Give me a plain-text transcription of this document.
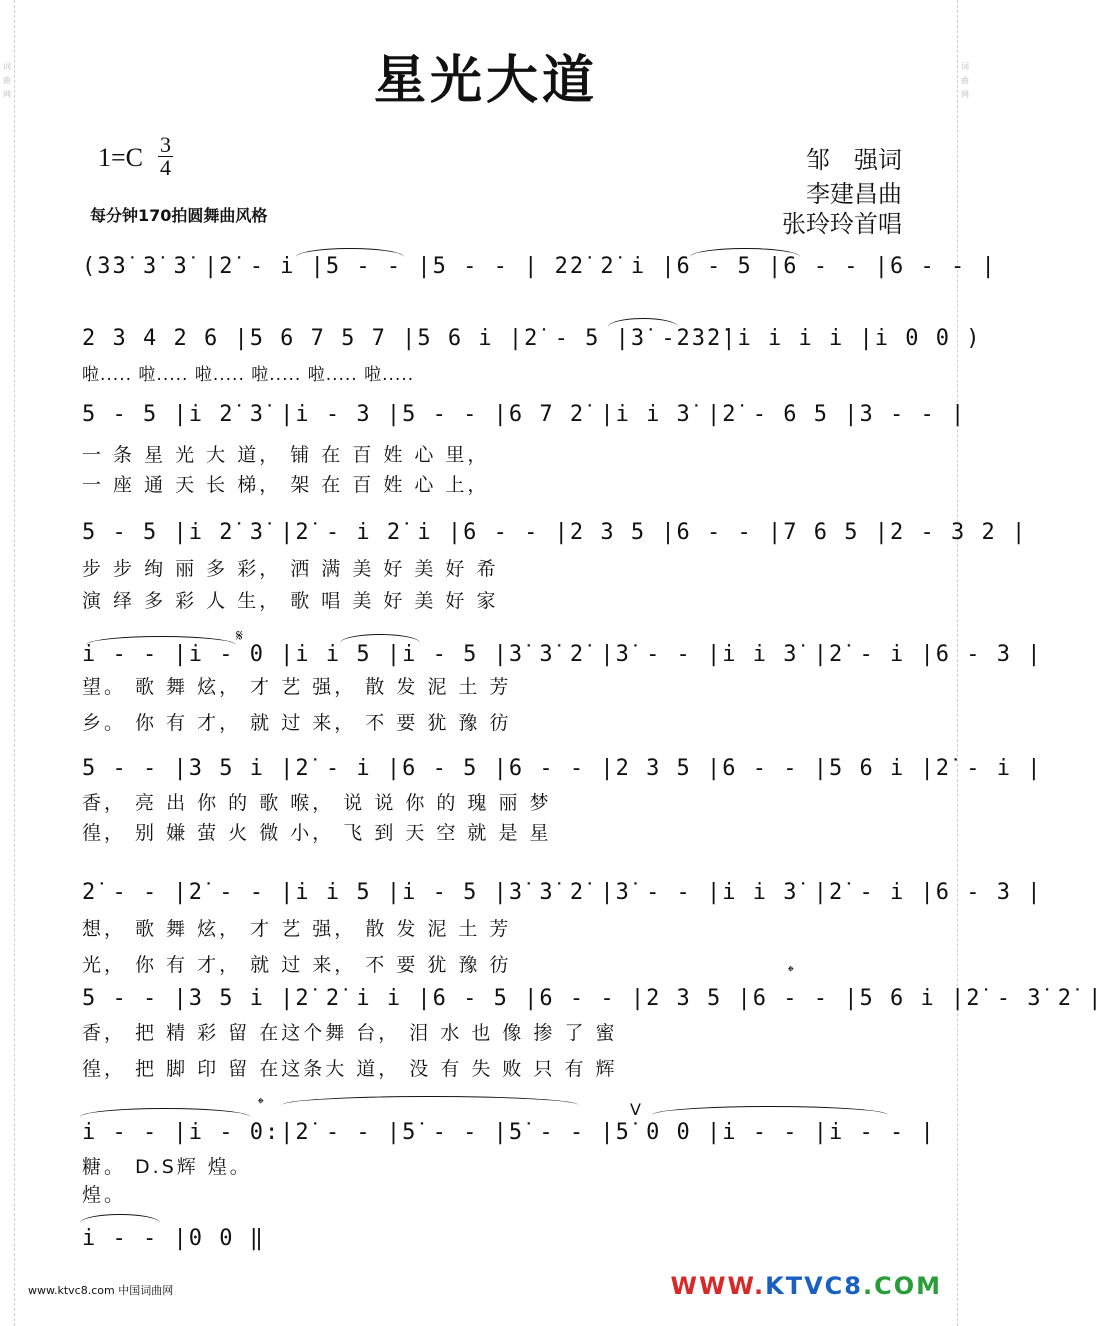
词曲网
词曲网
星光大道
$1=C \frac{3}{4}$
每分钟170拍圆舞曲风格
邹　强词
李建昌曲
张玲玲首唱
(3̇3̇ 3̇ 3̇ |2̇ - i |5 - - |5 - - | 2̇2̇ 2̇ i |6 - 5 |6 - - |6 - - |
2 3 4 2 6 |5 6 7 5 7 |5 6 i |2̇ - 5 |3̇ -2̇3̇2̇|i i i i |i 0 0 )
啦..... 啦..... 啦..... 啦..... 啦..... 啦.....
5 - 5 |i 2̇ 3̇ |i - 3 |5 - - |6 7 2̇ |i i 3̇ |2̇ - 6 5 |3 - - |
一 条 星 光 大 道， 铺 在 百 姓 心 里，
一 座 通 天 长 梯， 架 在 百 姓 心 上，
5 - 5 |i 2̇ 3̇ |2̇ - i 2̇ i |6 - - |2 3 5 |6 - - |7 6 5 |2 - 3 2 |
步 步 绚 丽 多 彩， 洒 满 美 好 美 好 希
演 绎 多 彩 人 生， 歌 唱 美 好 美 好 家
𝄋
i - - |i - 0 |i i 5 |i - 5 |3̇ 3̇ 2̇ |3̇ - - |i i 3̇ |2̇ - i |6 - 3 |
望。 歌 舞 炫， 才 艺 强， 散 发 泥 土 芳
乡。 你 有 才， 就 过 来， 不 要 犹 豫 彷
5 - - |3 5 i |2̇ - i |6 - 5 |6 - - |2 3 5 |6 - - |5 6 i |2̇ - i |
香， 亮 出 你 的 歌 喉， 说 说 你 的 瑰 丽 梦
徨， 别 嫌 萤 火 微 小， 飞 到 天 空 就 是 星
2̇ - - |2̇ - - |i i 5 |i - 5 |3̇ 3̇ 2̇ |3̇ - - |i i 3̇ |2̇ - i |6 - 3 |
想， 歌 舞 炫， 才 艺 强， 散 发 泥 土 芳
光， 你 有 才， 就 过 来， 不 要 犹 豫 彷	𝄌
5 - - |3 5 i |2̇ 2̇ i i |6 - 5 |6 - - |2 3 5 |6 - - |5 6 i |2̇ - 3̇ 2̇ |
香， 把 精 彩 留 在这个舞 台， 泪 水 也 像 掺 了 蜜
徨， 把 脚 印 留 在这条大 道， 没 有 失 败 只 有 辉
𝄌	V
i - - |i - 0:|2̇ - - |5̇ - - |5̇ - - |5̇ 0 0 |i - - |i - - |
糖。 D.S辉 煌。
煌。
i - - |0 0 ‖
www.ktvc8.com 中国词曲网	WWW.KTVC8.COM
